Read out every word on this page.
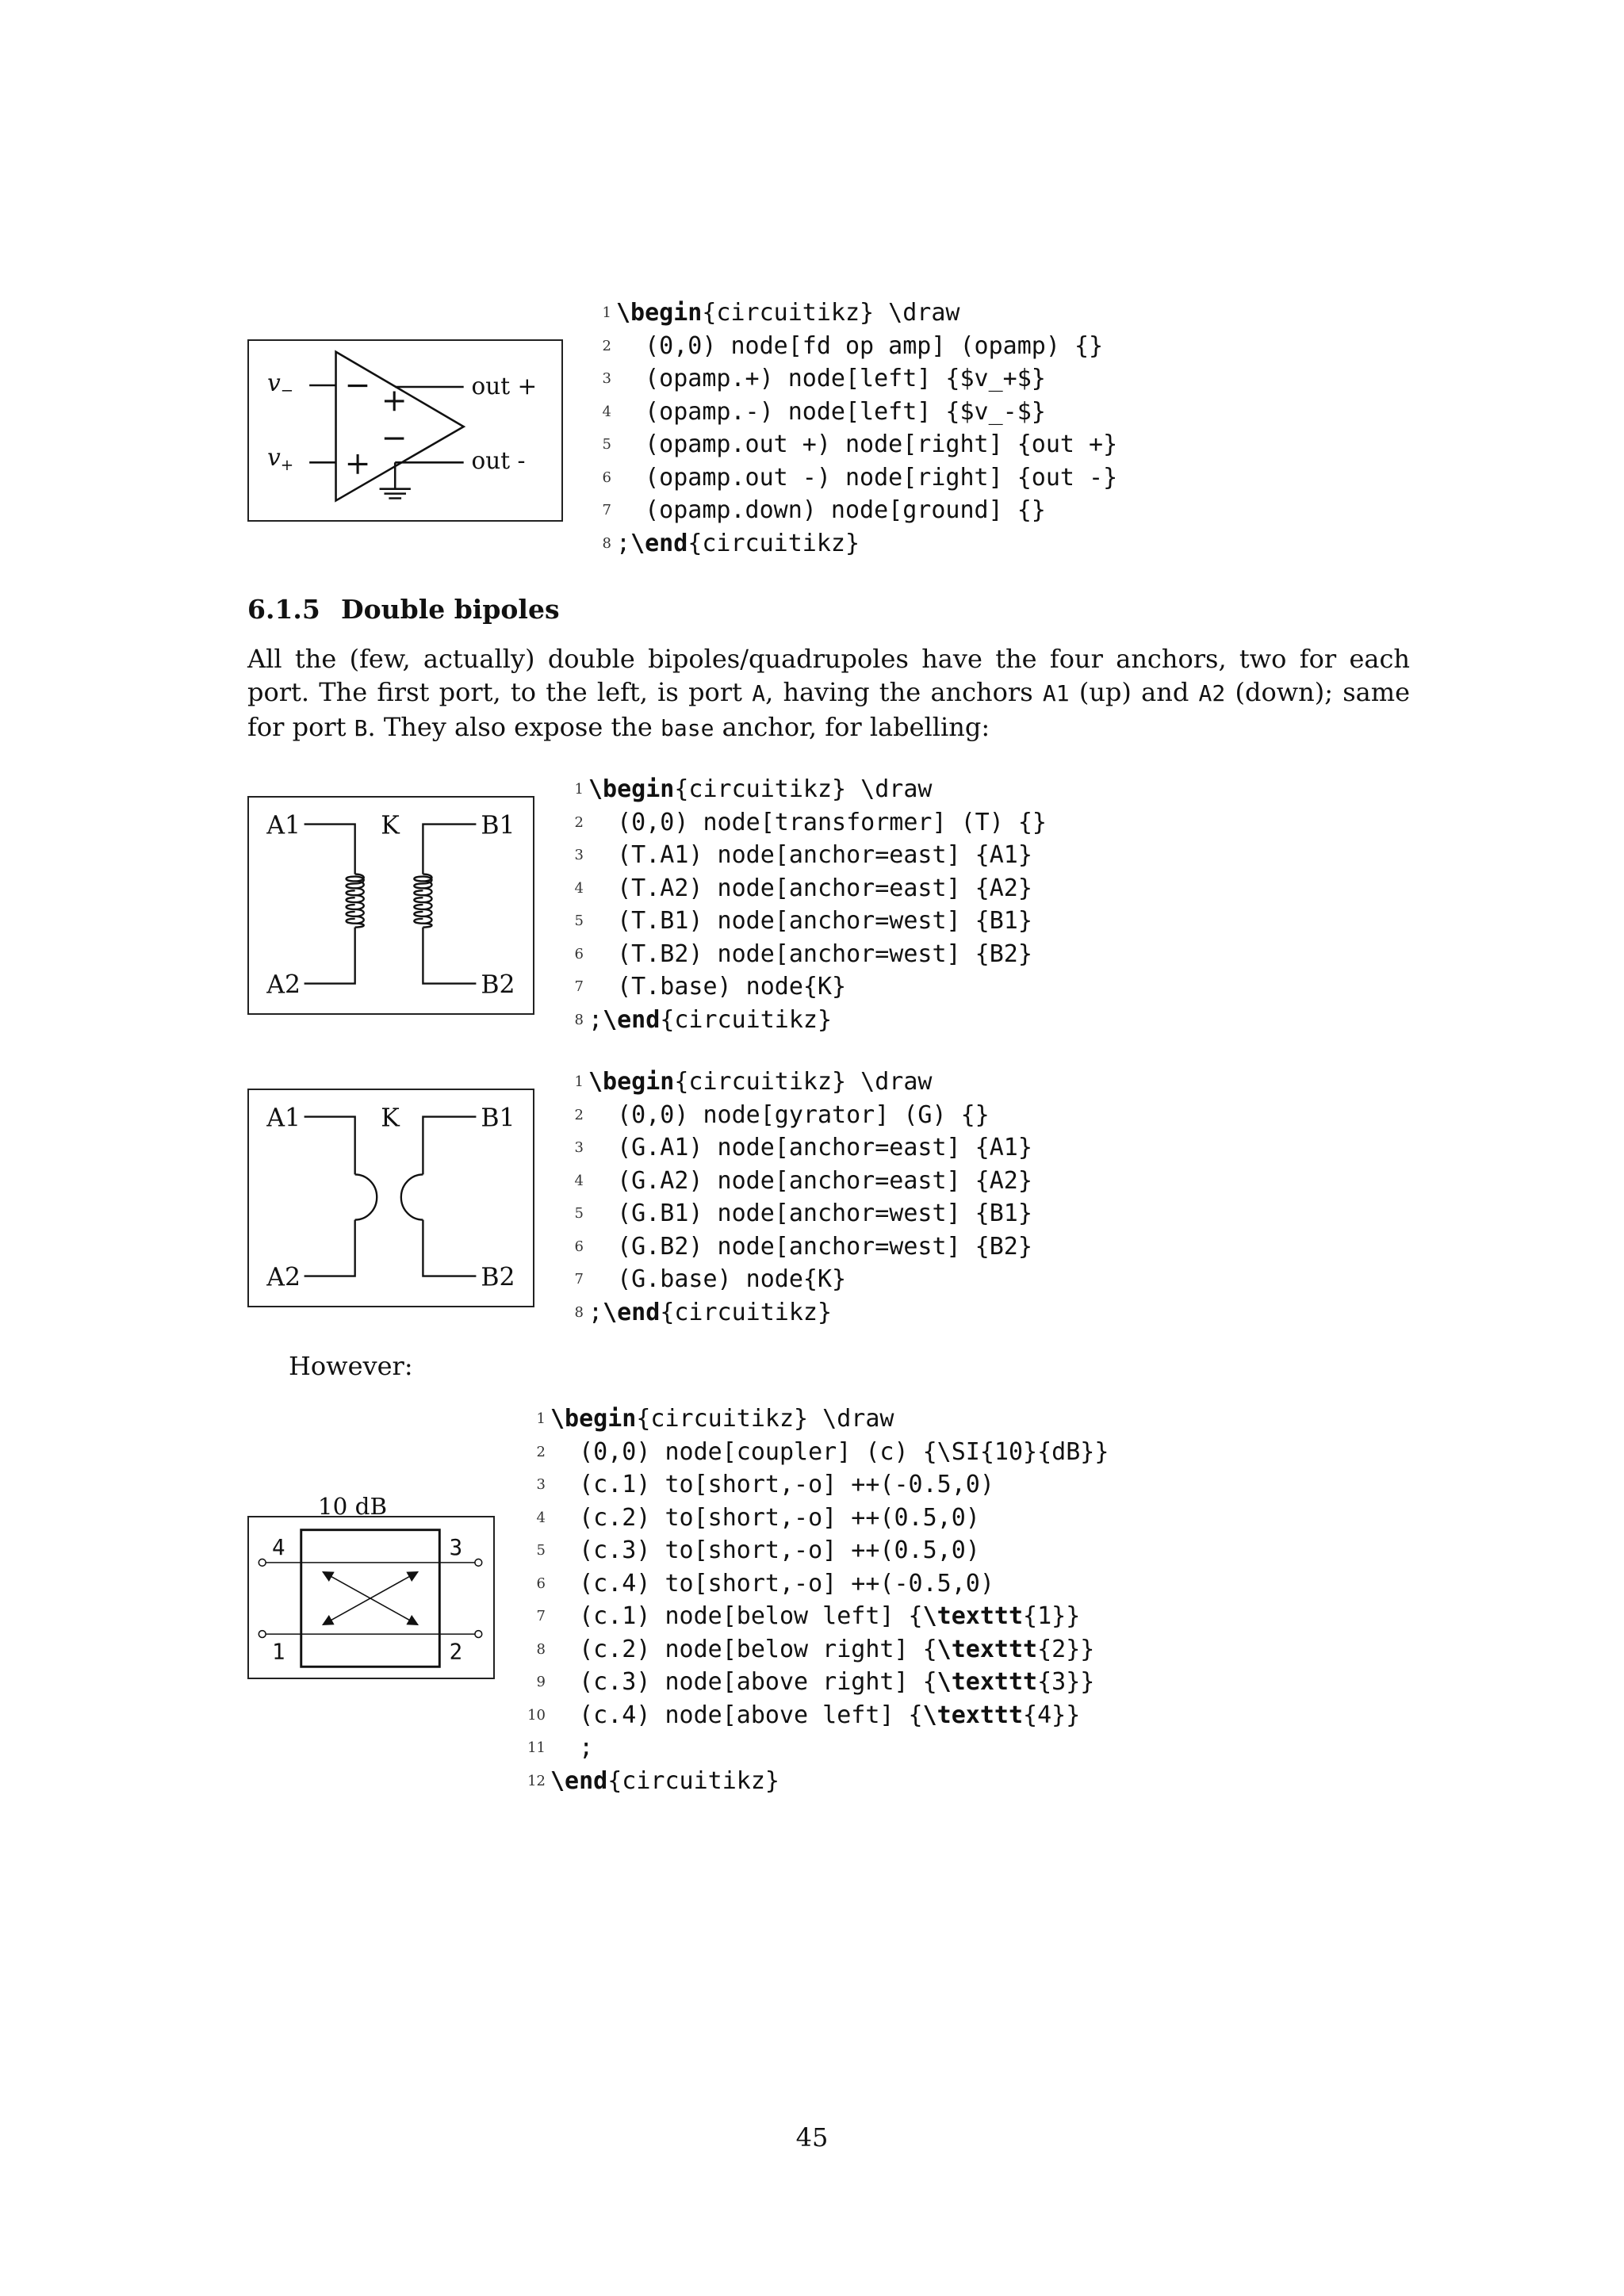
−
+
+
−
$v_-$
$v_+$
out +
out -
1 \begin{circuitikz} \draw
2 (0,0) node[fd op amp] (opamp) {}
3 (opamp.+) node[left] {$v_+$}
4 (opamp.-) node[left] {$v_-$}
5 (opamp.out +) node[right] {out +}
6 (opamp.out -) node[right] {out -}
7 (opamp.down) node[ground] {}
8 ;\end{circuitikz}
6.1.5 Double bipoles
All the (few, actually) double bipoles/quadrupoles have the four anchors, two for each port. The first port, to the left, is port A, having the anchors A1 (up) and A2 (down); same for port B. They also expose the base anchor, for labelling:
A1	K	B1
A2	B2
1 \begin{circuitikz} \draw
2 (0,0) node[transformer] (T) {}
3 (T.A1) node[anchor=east] {A1}
4 (T.A2) node[anchor=east] {A2}
5 (T.B1) node[anchor=west] {B1}
6 (T.B2) node[anchor=west] {B2}
7 (T.base) node{K}
8 ;\end{circuitikz}
A1	K	B1
A2	B2
1 \begin{circuitikz} \draw
2 (0,0) node[gyrator] (G) {}
3 (G.A1) node[anchor=east] {A1}
4 (G.A2) node[anchor=east] {A2}
5 (G.B1) node[anchor=west] {B1}
6 (G.B2) node[anchor=west] {B2}
7 (G.base) node{K}
8 ;\end{circuitikz}
However:
10 dB
4	3
1	2
1 \begin{circuitikz} \draw
2 (0,0) node[coupler] (c) {\SI{10}{dB}}
3 (c.1) to[short,-o] ++(-0.5,0)
4 (c.2) to[short,-o] ++(0.5,0)
5 (c.3) to[short,-o] ++(0.5,0)
6 (c.4) to[short,-o] ++(-0.5,0)
7 (c.1) node[below left] {\texttt{1}}
8 (c.2) node[below right] {\texttt{2}}
9 (c.3) node[above right] {\texttt{3}}
10 (c.4) node[above left] {\texttt{4}}
11 ;
12 \end{circuitikz}
45
